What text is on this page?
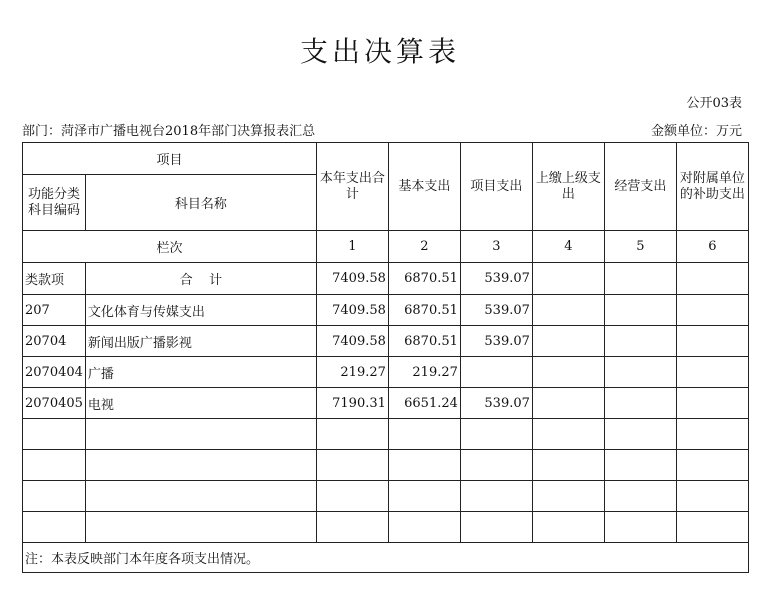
支出决算表
公开03表
部门：菏泽市广播电视台2018年部门决算报表汇总	金额单位：万元
项目		本年支出合计	基本支出	项目支出	上缴上级支出	经营支出	对附属单位的补助支出
功能分类科目编码	科目名称						
栏次		1	2	3	4	5	6
类款项	合    计	7409.58	6870.51	539.07			
207	文化体育与传媒支出	7409.58	6870.51	539.07			
20704	新闻出版广播影视	7409.58	6870.51	539.07			
2070404	广播	219.27	219.27				
2070405	电视	7190.31	6651.24	539.07			

注：本表反映部门本年度各项支出情况。							
